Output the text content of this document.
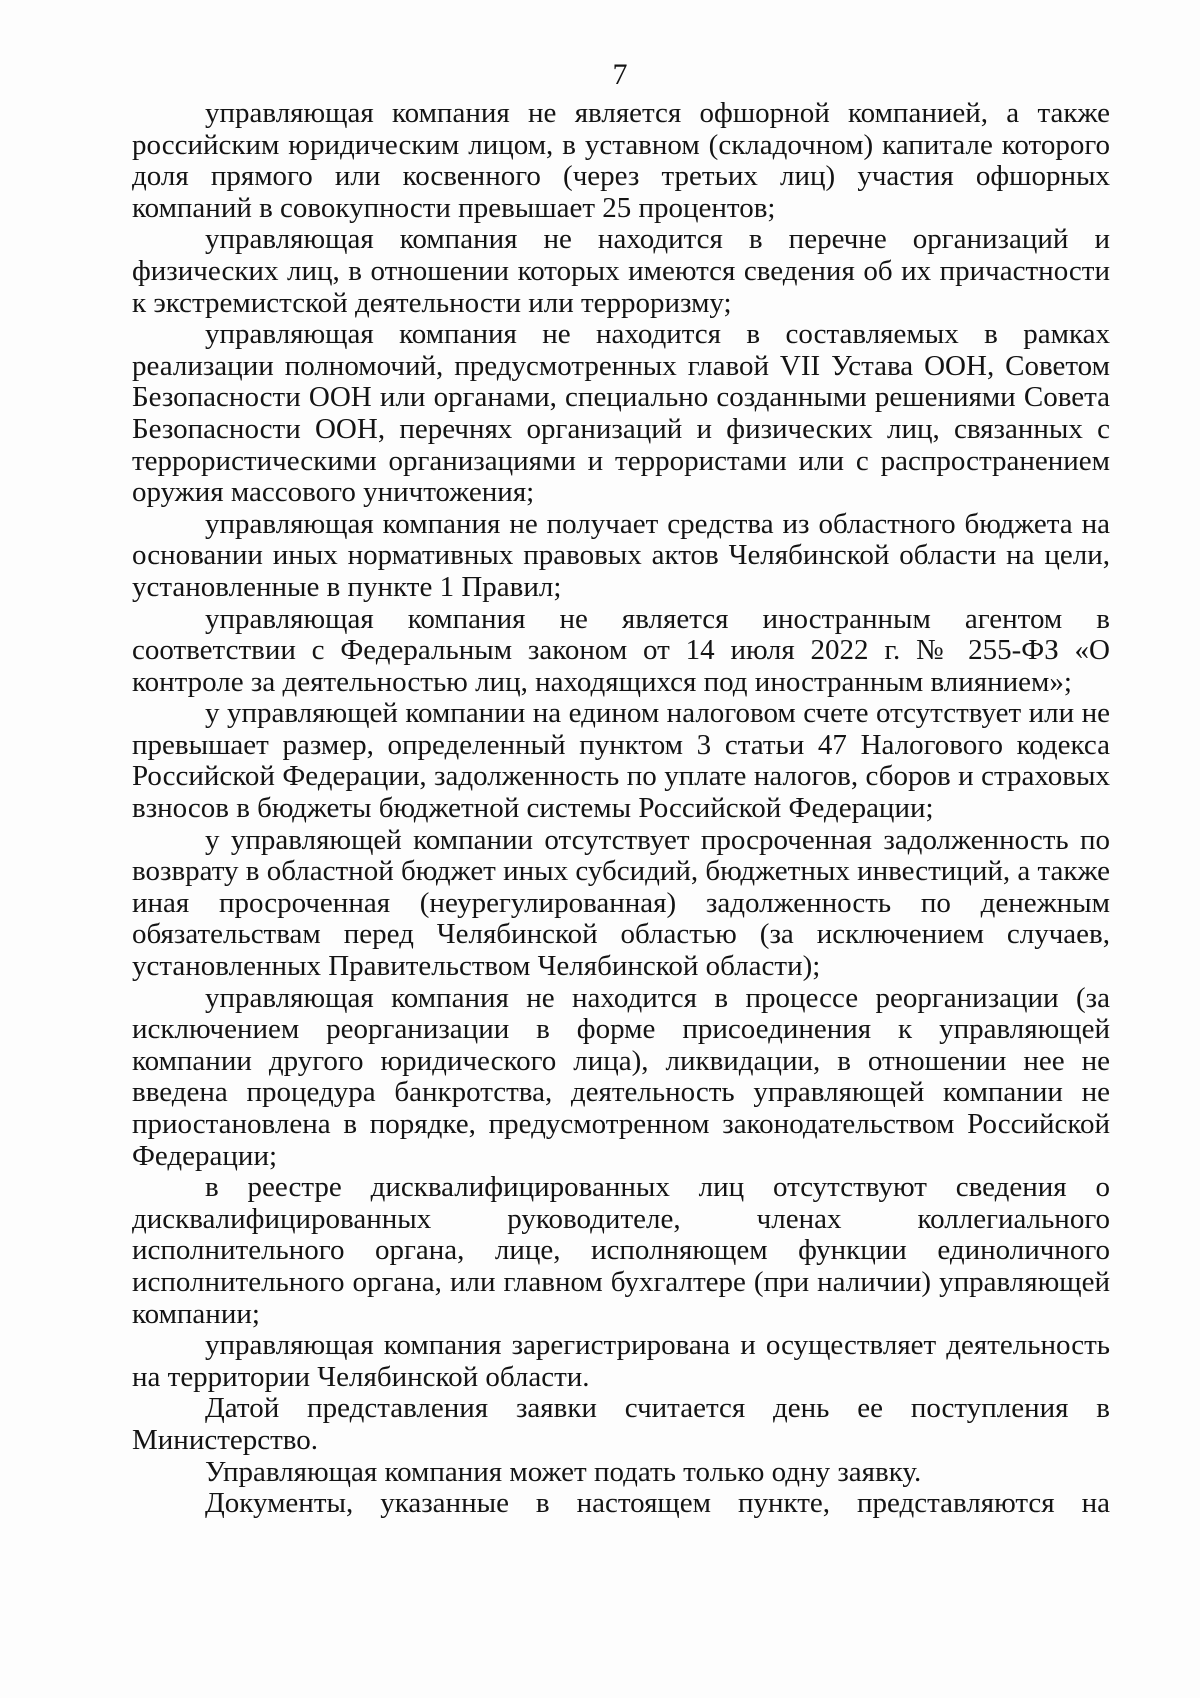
7

управляющая компания не является офшорной компанией, а также российским юридическим лицом, в уставном (складочном) капитале которого доля прямого или косвенного (через третьих лиц) участия офшорных компаний в совокупности превышает 25 процентов;

управляющая компания не находится в перечне организаций и физических лиц, в отношении которых имеются сведения об их причастности к экстремистской деятельности или терроризму;

управляющая компания не находится в составляемых в рамках реализации полномочий, предусмотренных главой VII Устава ООН, Советом Безопасности ООН или органами, специально созданными решениями Совета Безопасности ООН, перечнях организаций и физических лиц, связанных с террористическими организациями и террористами или с распространением оружия массового уничтожения;

управляющая компания не получает средства из областного бюджета на основании иных нормативных правовых актов Челябинской области на цели, установленные в пункте 1 Правил;

управляющая компания не является иностранным агентом в соответствии с Федеральным законом от 14 июля 2022 г. № 255-ФЗ «О контроле за деятельностью лиц, находящихся под иностранным влиянием»;

у управляющей компании на едином налоговом счете отсутствует или не превышает размер, определенный пунктом 3 статьи 47 Налогового кодекса Российской Федерации, задолженность по уплате налогов, сборов и страховых взносов в бюджеты бюджетной системы Российской Федерации;

у управляющей компании отсутствует просроченная задолженность по возврату в областной бюджет иных субсидий, бюджетных инвестиций, а также иная просроченная (неурегулированная) задолженность по денежным обязательствам перед Челябинской областью (за исключением случаев, установленных Правительством Челябинской области);

управляющая компания не находится в процессе реорганизации (за исключением реорганизации в форме присоединения к управляющей компании другого юридического лица), ликвидации, в отношении нее не введена процедура банкротства, деятельность управляющей компании не приостановлена в порядке, предусмотренном законодательством Российской Федерации;

в реестре дисквалифицированных лиц отсутствуют сведения о дисквалифицированных руководителе, членах коллегиального исполнительного органа, лице, исполняющем функции единоличного исполнительного органа, или главном бухгалтере (при наличии) управляющей компании;

управляющая компания зарегистрирована и осуществляет деятельность на территории Челябинской области.

Датой представления заявки считается день ее поступления в Министерство.

Управляющая компания может подать только одну заявку.

Документы, указанные в настоящем пункте, представляются на
